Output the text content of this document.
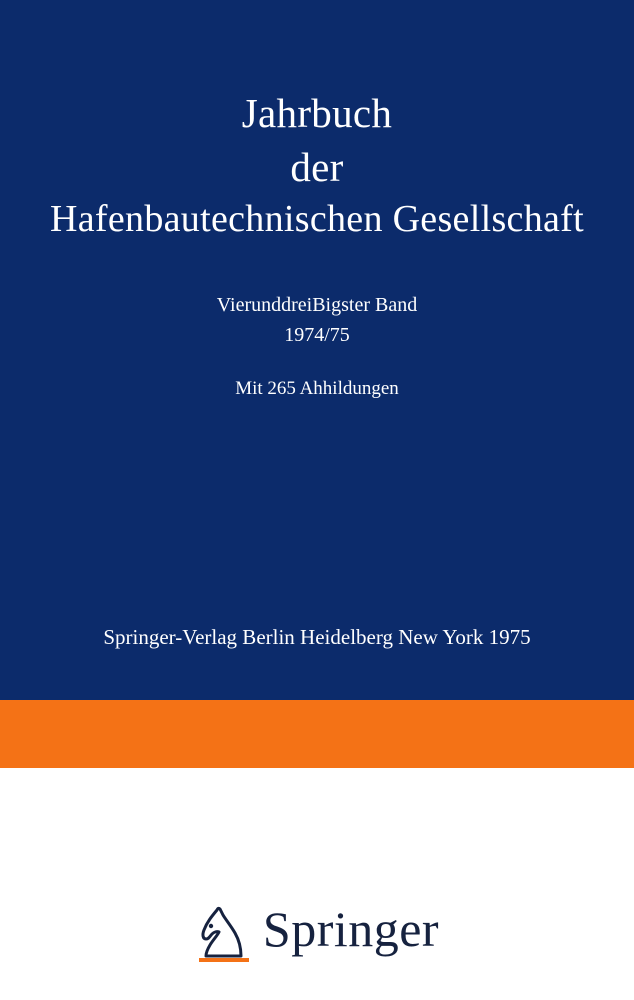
Jahrbuch
der
Hafenbautechnischen Gesellschaft
VierunddreiBigster Band
1974/75
Mit 265 Ahhildungen
Springer-Verlag Berlin Heidelberg New York 1975
Springer
